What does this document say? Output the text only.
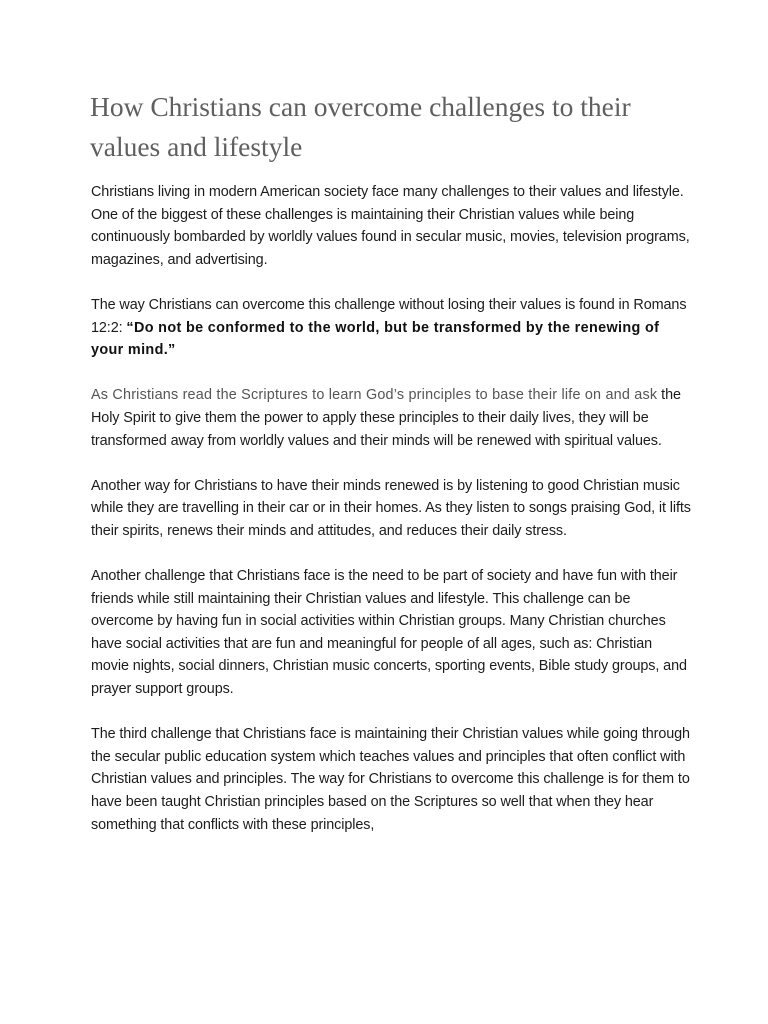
How Christians can overcome challenges to their values and lifestyle

Christians living in modern American society face many challenges to their values and lifestyle. One of the biggest of these challenges is maintaining their Christian values while being continuously bombarded by worldly values found in secular music, movies, television programs, magazines, and advertising.

The way Christians can overcome this challenge without losing their values is found in Romans 12:2: “Do not be conformed to the world, but be transformed by the renewing of your mind.”

As Christians read the Scriptures to learn God’s principles to base their life on and ask the Holy Spirit to give them the power to apply these principles to their daily lives, they will be transformed away from worldly values and their minds will be renewed with spiritual values.

Another way for Christians to have their minds renewed is by listening to good Christian music while they are travelling in their car or in their homes. As they listen to songs praising God, it lifts their spirits, renews their minds and attitudes, and reduces their daily stress.

Another challenge that Christians face is the need to be part of society and have fun with their friends while still maintaining their Christian values and lifestyle. This challenge can be overcome by having fun in social activities within Christian groups. Many Christian churches have social activities that are fun and meaningful for people of all ages, such as: Christian movie nights, social dinners, Christian music concerts, sporting events, Bible study groups, and prayer support groups.

The third challenge that Christians face is maintaining their Christian values while going through the secular public education system which teaches values and principles that often conflict with Christian values and principles. The way for Christians to overcome this challenge is for them to have been taught Christian principles based on the Scriptures so well that when they hear something that conflicts with these principles,
